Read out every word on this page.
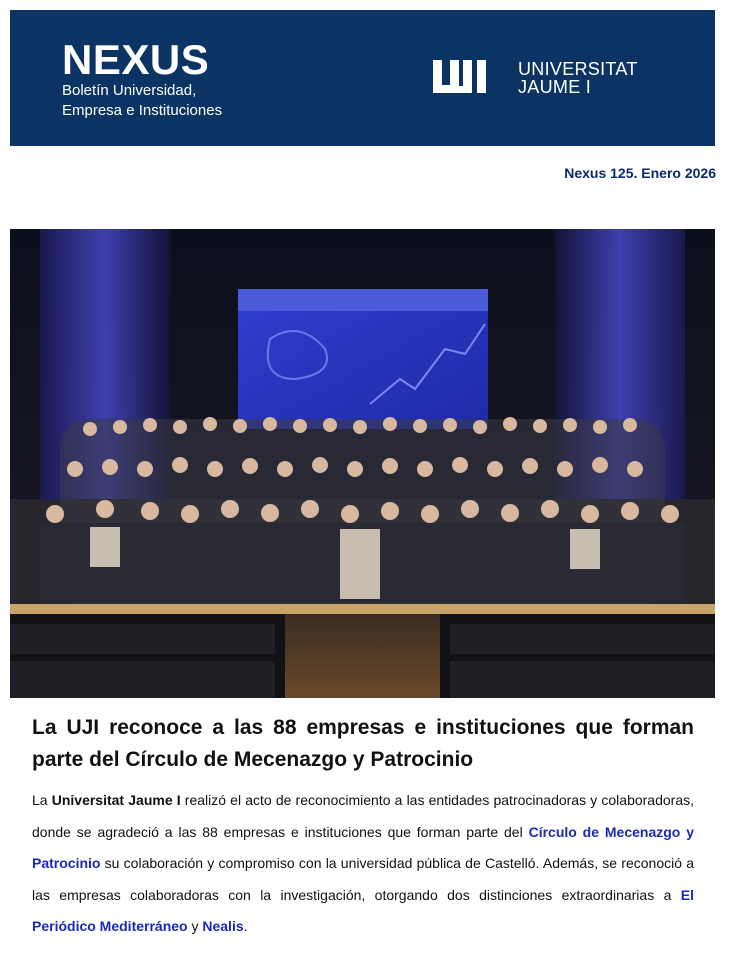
NEXUS
Boletín Universidad,
Empresa e Instituciones
UNIVERSITAT
JAUME I
Nexus 125. Enero 2026
La UJI reconoce a las 88 empresas e instituciones que forman parte del Círculo de Mecenazgo y Patrocinio
La Universitat Jaume I realizó el acto de reconocimiento a las entidades patrocinadoras y colaboradoras, donde se agradeció a las 88 empresas e instituciones que forman parte del Círculo de Mecenazgo y Patrocinio su colaboración y compromiso con la universidad pública de Castelló. Además, se reconoció a las empresas colaboradoras con la investigación, otorgando dos distinciones extraordinarias a El Periódico Mediterráneo y Nealis.
